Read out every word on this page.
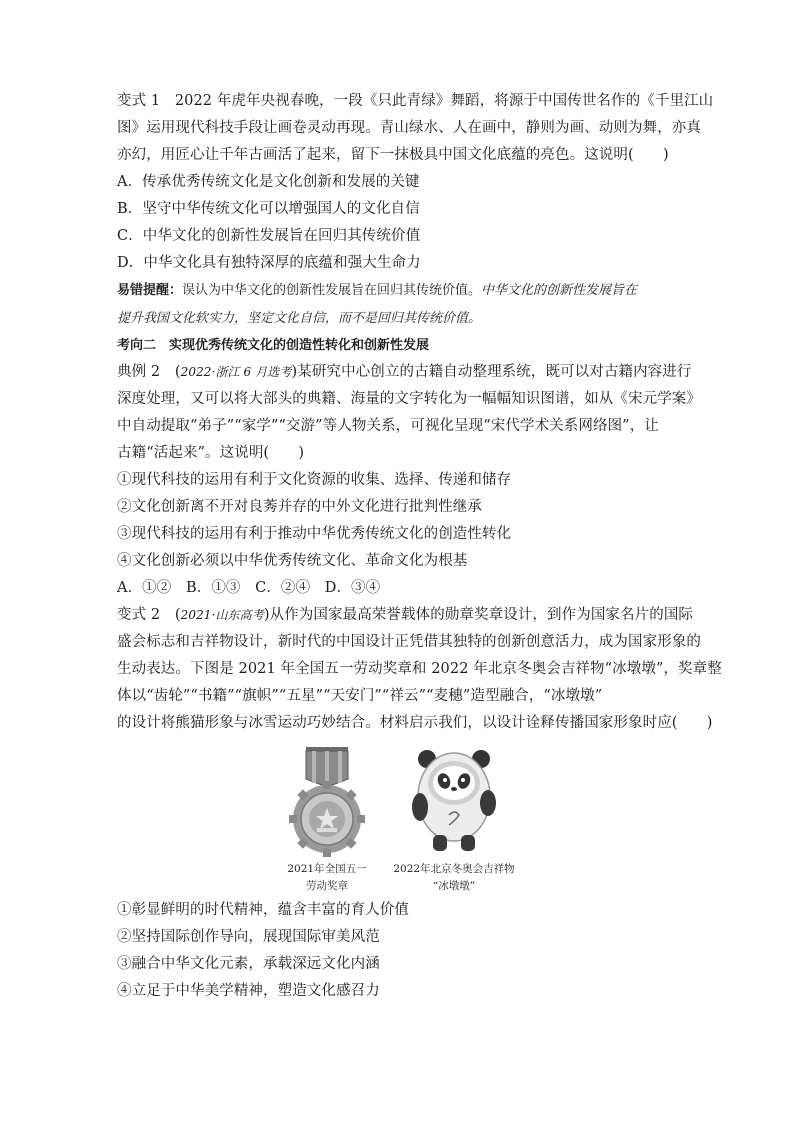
变式 1　2022 年虎年央视春晚，一段《只此青绿》舞蹈，将源于中国传世名作的《千里江山
图》运用现代科技手段让画卷灵动再现。青山绿水、人在画中，静则为画、动则为舞，亦真
亦幻，用匠心让千年古画活了起来，留下一抹极具中国文化底蕴的亮色。这说明(　　)
A．传承优秀传统文化是文化创新和发展的关键
B．坚守中华传统文化可以增强国人的文化自信
C．中华文化的创新性发展旨在回归其传统价值
D．中华文化具有独特深厚的底蕴和强大生命力
易错提醒：误认为中华文化的创新性发展旨在回归其传统价值。中华文化的创新性发展旨在
提升我国文化软实力，坚定文化自信，而不是回归其传统价值。
考向二　实现优秀传统文化的创造性转化和创新性发展
典例 2　(2022·浙江 6 月选考)某研究中心创立的古籍自动整理系统，既可以对古籍内容进行
深度处理，又可以将大部头的典籍、海量的文字转化为一幅幅知识图谱，如从《宋元学案》
中自动提取“弟子”“家学”“交游”等人物关系，可视化呈现“宋代学术关系网络图”，让
古籍“活起来”。这说明(　　)
①现代科技的运用有利于文化资源的收集、选择、传递和储存
②文化创新离不开对良莠并存的中外文化进行批判性继承
③现代科技的运用有利于推动中华优秀传统文化的创造性转化
④文化创新必须以中华优秀传统文化、革命文化为根基
A．①②　B．①③　C．②④　D．③④
变式 2　(2021·山东高考)从作为国家最高荣誉载体的勋章奖章设计，到作为国家名片的国际
盛会标志和吉祥物设计，新时代的中国设计正凭借其独特的创新创意活力，成为国家形象的
生动表达。下图是 2021 年全国五一劳动奖章和 2022 年北京冬奥会吉祥物“冰墩墩”，奖章整
体以“齿轮”“书籍”“旗帜”“五星”“天安门”“祥云”“麦穗”造型融合，“冰墩墩”
的设计将熊猫形象与冰雪运动巧妙结合。材料启示我们，以设计诠释传播国家形象时应(　　)
2021年全国五一
劳动奖章
2022年北京冬奥会吉祥物
“冰墩墩”
①彰显鲜明的时代精神，蕴含丰富的育人价值
②坚持国际创作导向，展现国际审美风范
③融合中华文化元素，承载深远文化内涵
④立足于中华美学精神，塑造文化感召力
